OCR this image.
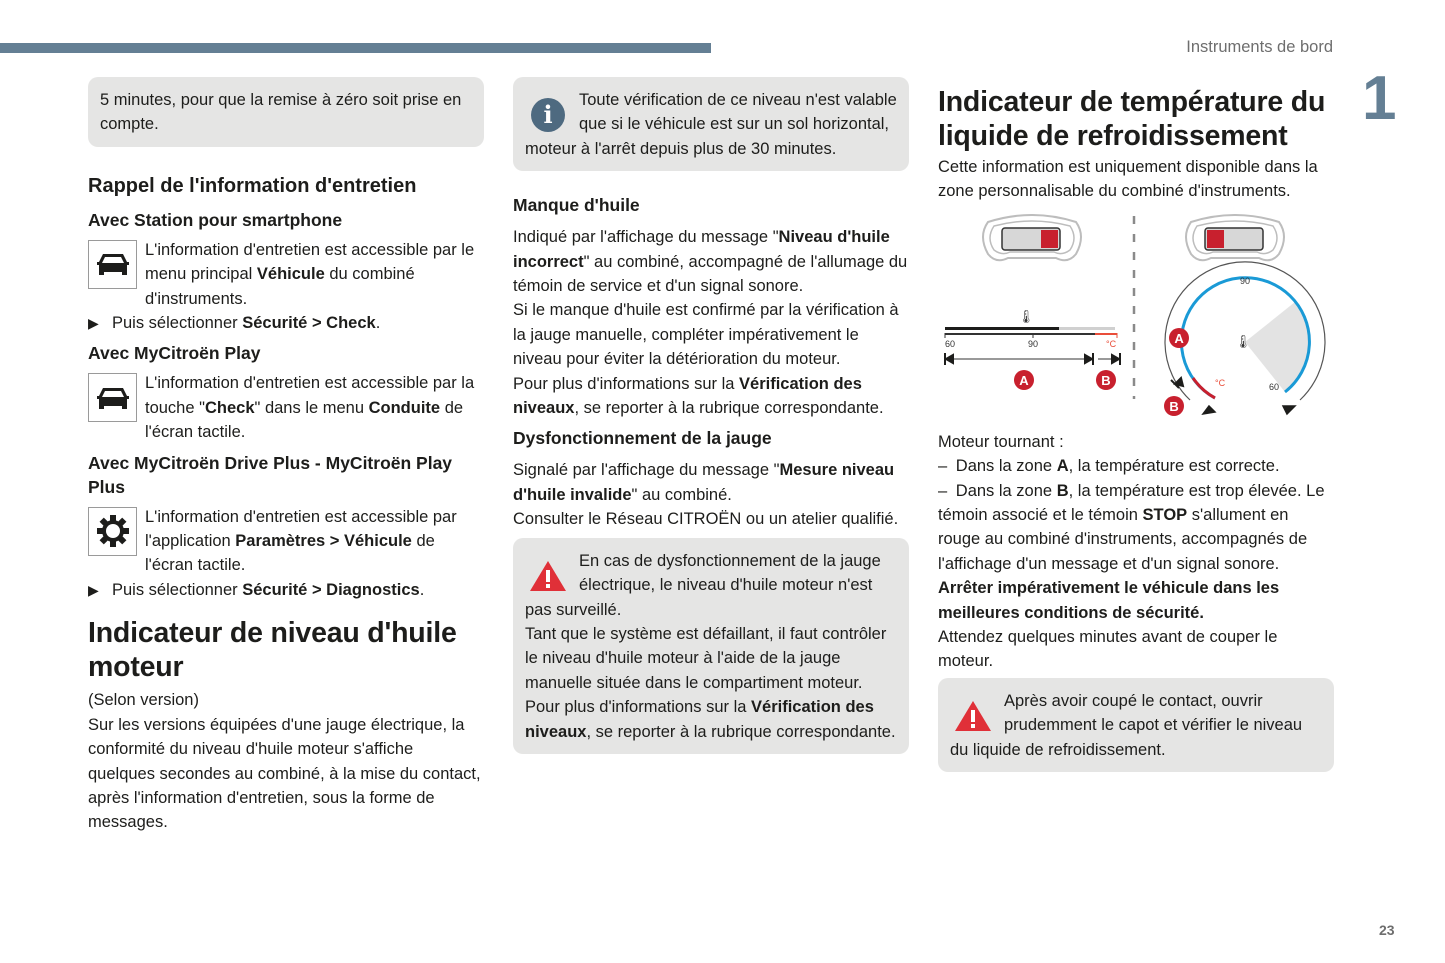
Instruments de bord
1
23

5 minutes, pour que la remise à zéro soit prise en compte.

Rappel de l'information d'entretien
Avec Station pour smartphone
L'information d'entretien est accessible par le menu principal Véhicule du combiné d'instruments.
▶ Puis sélectionner Sécurité > Check.
Avec MyCitroën Play
L'information d'entretien est accessible par la touche "Check" dans le menu Conduite de l'écran tactile.
Avec MyCitroën Drive Plus - MyCitroën Play Plus
L'information d'entretien est accessible par l'application Paramètres > Véhicule de l'écran tactile.
▶ Puis sélectionner Sécurité > Diagnostics.
Indicateur de niveau d'huile moteur

(Selon version)

Sur les versions équipées d'une jauge électrique, la conformité du niveau d'huile moteur s'affiche quelques secondes au combiné, à la mise du contact, après l'information d'entretien, sous la forme de messages.

i	Toute vérification de ce niveau n'est valable que si le véhicule est sur un sol horizontal, moteur à l'arrêt depuis plus de 30 minutes.

Manque d'huile

Indiqué par l'affichage du message "Niveau d'huile incorrect" au combiné, accompagné de l'allumage du témoin de service et d'un signal sonore.

Si le manque d'huile est confirmé par la vérification à la jauge manuelle, compléter impérativement le niveau pour éviter la détérioration du moteur.

Pour plus d'informations sur la Vérification des niveaux, se reporter à la rubrique correspondante.

Dysfonctionnement de la jauge

Signalé par l'affichage du message "Mesure niveau d'huile invalide" au combiné.

Consulter le Réseau CITROËN ou un atelier qualifié.

En cas de dysfonctionnement de la jauge électrique, le niveau d'huile moteur n'est pas surveillé.

Tant que le système est défaillant, il faut contrôler le niveau d'huile moteur à l'aide de la jauge manuelle située dans le compartiment moteur.

Pour plus d'informations sur la Vérification des niveaux, se reporter à la rubrique correspondante.

Indicateur de température du liquide de refroidissement

Cette information est uniquement disponible dans la zone personnalisable du combiné d'instruments.

🌡
60	90	°C
A	B
90
60
°C
🌡
A
B

Moteur tournant :

– Dans la zone A, la température est correcte.

– Dans la zone B, la température est trop élevée. Le témoin associé et le témoin STOP s'allument en rouge au combiné d'instruments, accompagnés de l'affichage d'un message et d'un signal sonore.

Arrêter impérativement le véhicule dans les meilleures conditions de sécurité.

Attendez quelques minutes avant de couper le moteur.

Après avoir coupé le contact, ouvrir prudemment le capot et vérifier le niveau du liquide de refroidissement.
